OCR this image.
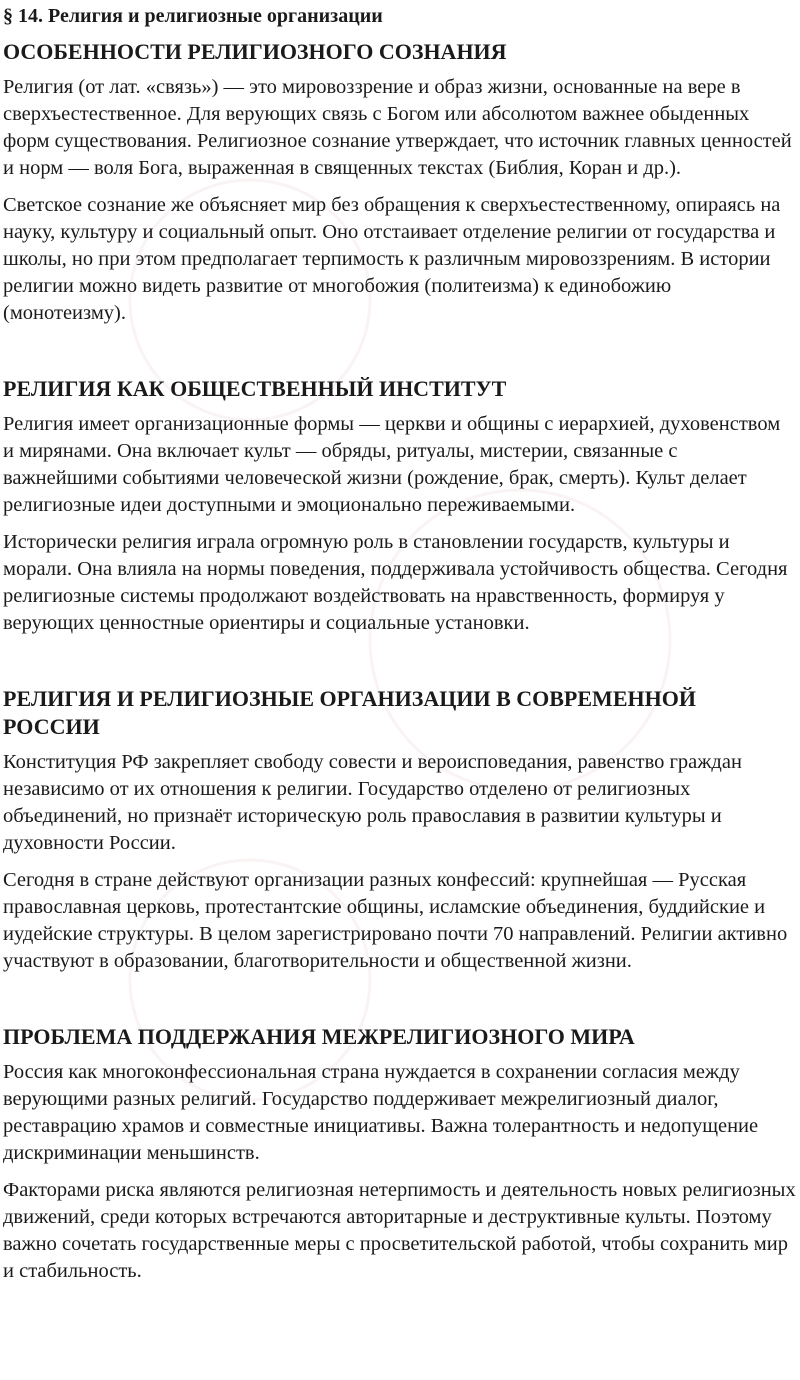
§ 14. Религия и религиозные организации
ОСОБЕННОСТИ РЕЛИГИОЗНОГО СОЗНАНИЯ

Религия (от лат. «связь») — это мировоззрение и образ жизни, основанные на вере в сверхъестественное. Для верующих связь с Богом или абсолютом важнее обыденных форм существования. Религиозное сознание утверждает, что источник главных ценностей и норм — воля Бога, выраженная в священных текстах (Библия, Коран и др.).

Светское сознание же объясняет мир без обращения к сверхъестественному, опираясь на науку, культуру и социальный опыт. Оно отстаивает отделение религии от государства и школы, но при этом предполагает терпимость к различным мировоззрениям. В истории религии можно видеть развитие от многобожия (политеизма) к единобожию (монотеизму).

РЕЛИГИЯ КАК ОБЩЕСТВЕННЫЙ ИНСТИТУТ

Религия имеет организационные формы — церкви и общины с иерархией, духовенством и мирянами. Она включает культ — обряды, ритуалы, мистерии, связанные с важнейшими событиями человеческой жизни (рождение, брак, смерть). Культ делает религиозные идеи доступными и эмоционально переживаемыми.

Исторически религия играла огромную роль в становлении государств, культуры и морали. Она влияла на нормы поведения, поддерживала устойчивость общества. Сегодня религиозные системы продолжают воздействовать на нравственность, формируя у верующих ценностные ориентиры и социальные установки.

РЕЛИГИЯ И РЕЛИГИОЗНЫЕ ОРГАНИЗАЦИИ В СОВРЕМЕННОЙ РОССИИ

Конституция РФ закрепляет свободу совести и вероисповедания, равенство граждан независимо от их отношения к религии. Государство отделено от религиозных объединений, но признаёт историческую роль православия в развитии культуры и духовности России.

Сегодня в стране действуют организации разных конфессий: крупнейшая — Русская православная церковь, протестантские общины, исламские объединения, буддийские и иудейские структуры. В целом зарегистрировано почти 70 направлений. Религии активно участвуют в образовании, благотворительности и общественной жизни.

ПРОБЛЕМА ПОДДЕРЖАНИЯ МЕЖРЕЛИГИОЗНОГО МИРА

Россия как многоконфессиональная страна нуждается в сохранении согласия между верующими разных религий. Государство поддерживает межрелигиозный диалог, реставрацию храмов и совместные инициативы. Важна толерантность и недопущение дискриминации меньшинств.

Факторами риска являются религиозная нетерпимость и деятельность новых религиозных движений, среди которых встречаются авторитарные и деструктивные культы. Поэтому важно сочетать государственные меры с просветительской работой, чтобы сохранить мир и стабильность.
